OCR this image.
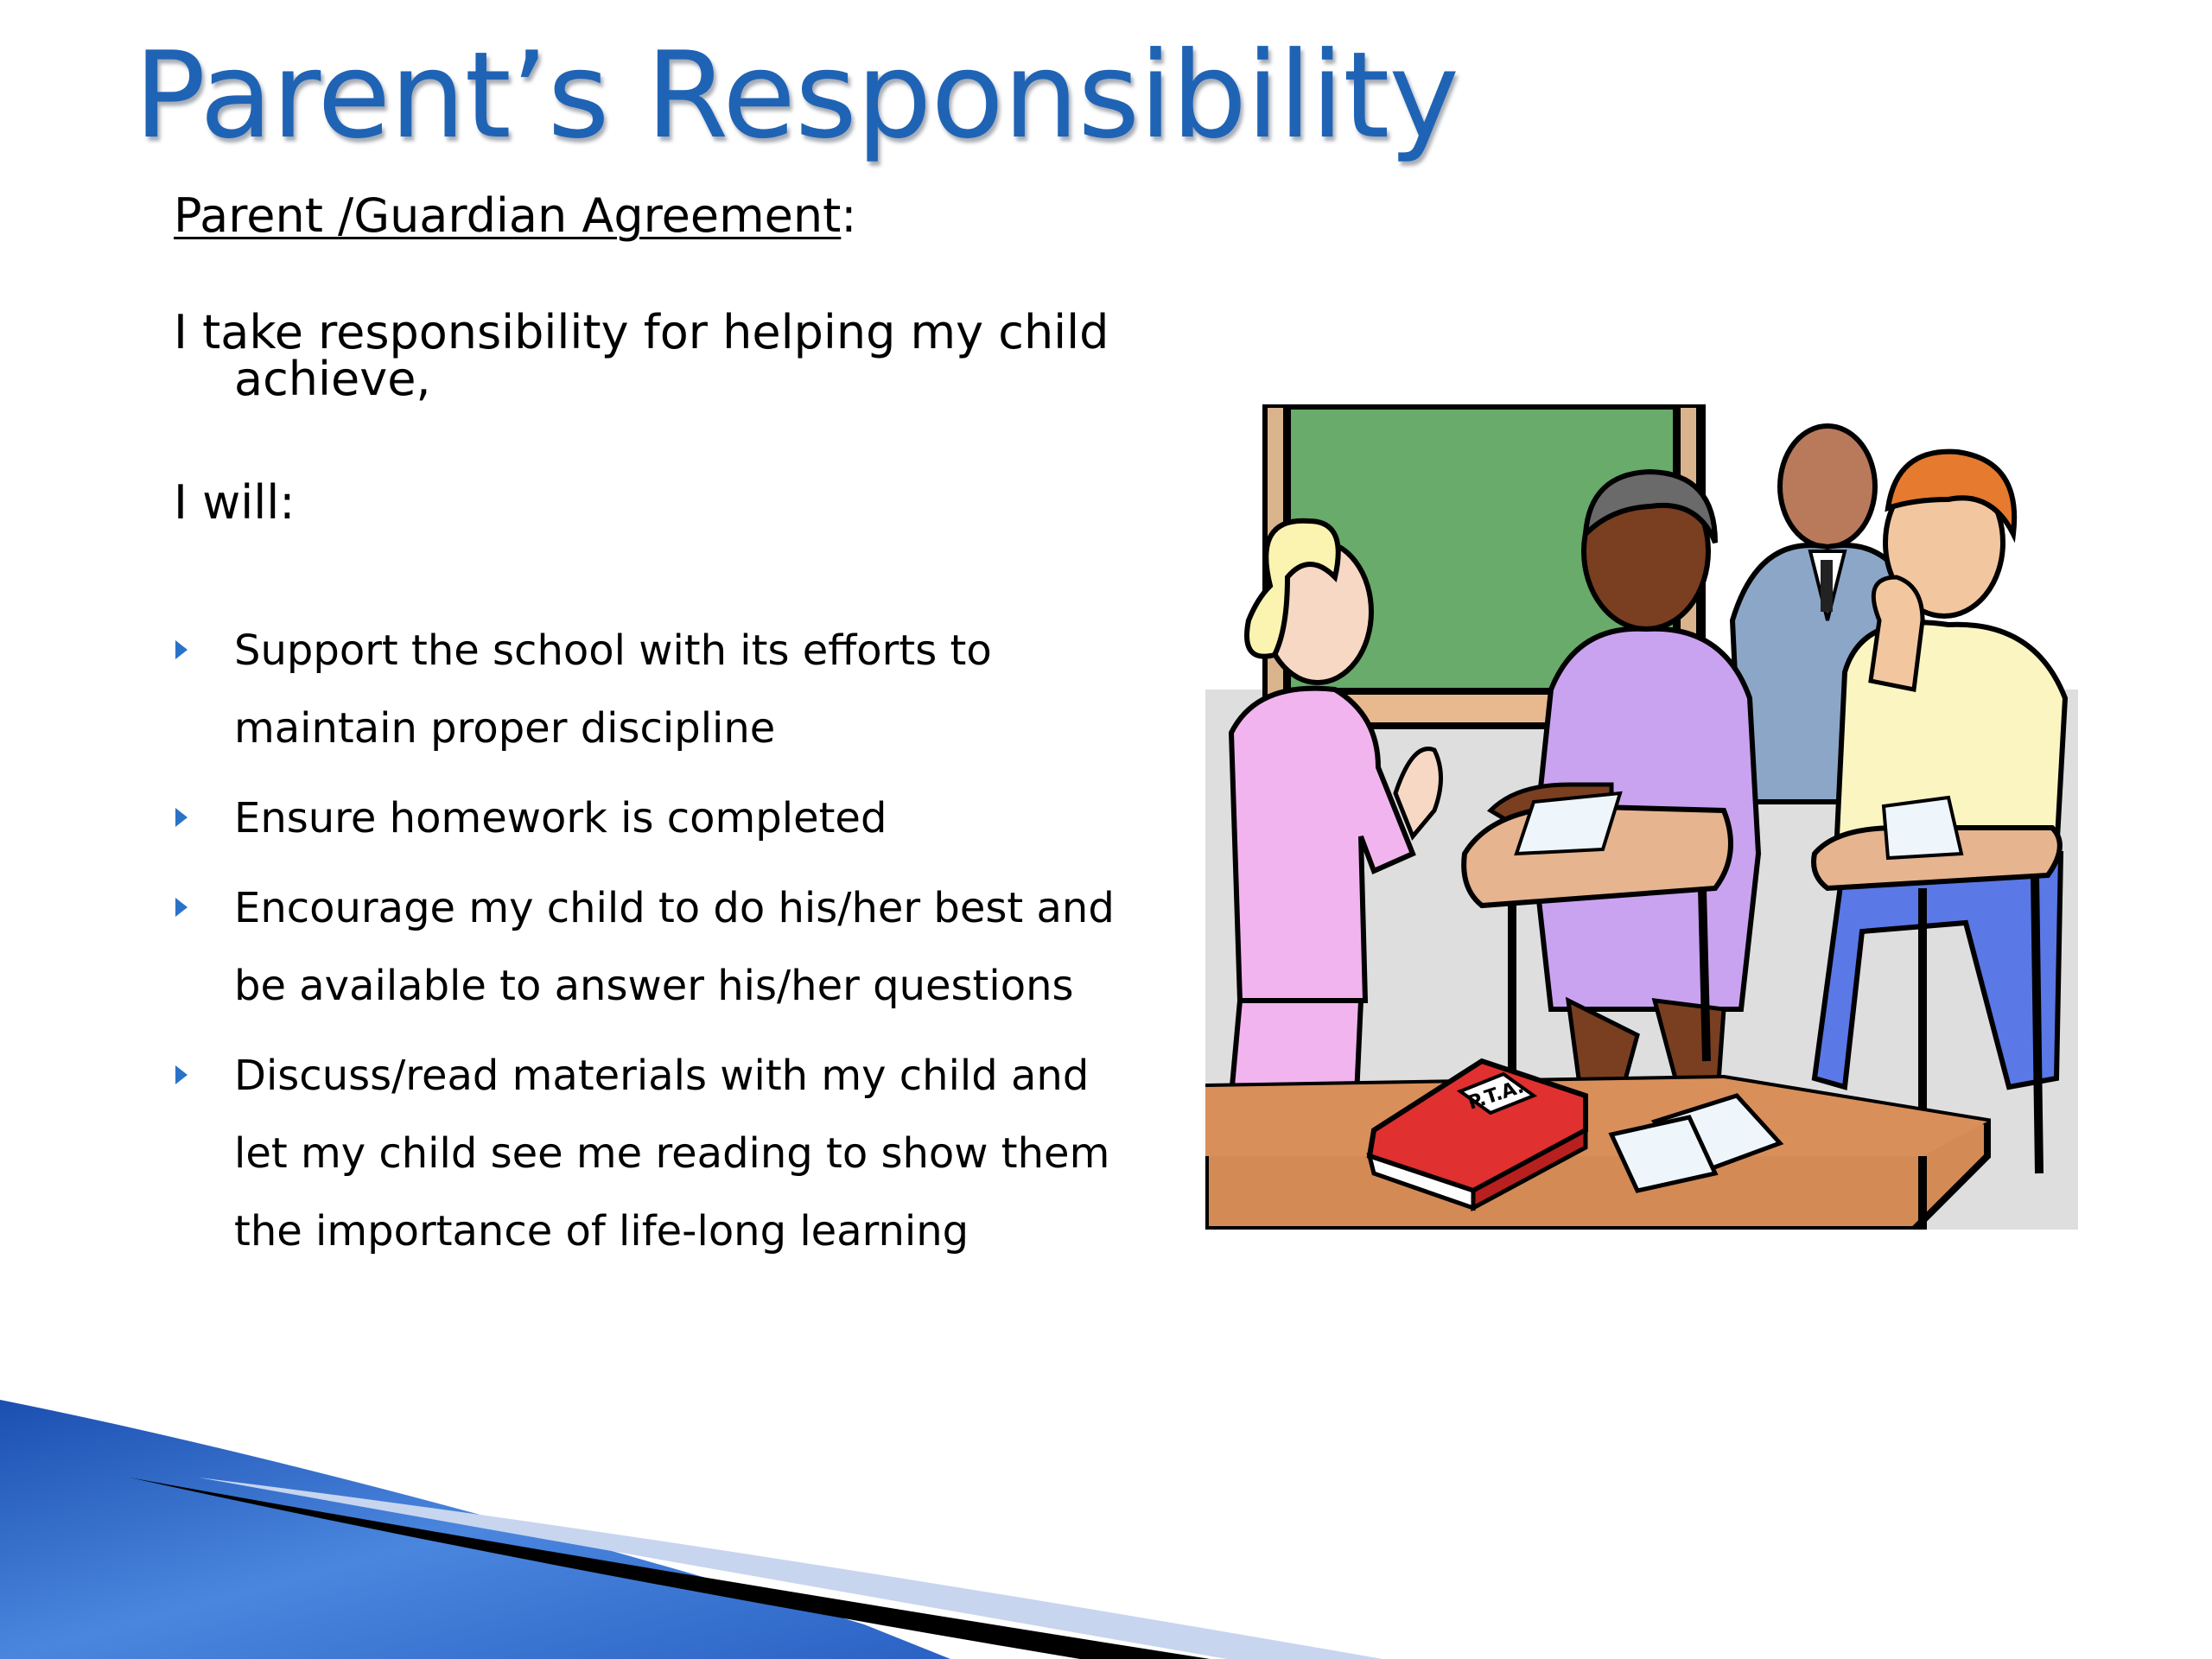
Parent’s Responsibility
Parent /Guardian Agreement:

I take responsibility for helping my child achieve,

I will:
Support the school with its efforts to maintain proper discipline
Ensure homework is completed
Encourage my child to do his/her best and be available to answer his/her questions
Discuss/read materials with my child and let my child see me reading to show them the importance of life-long learning
P.T.A.
